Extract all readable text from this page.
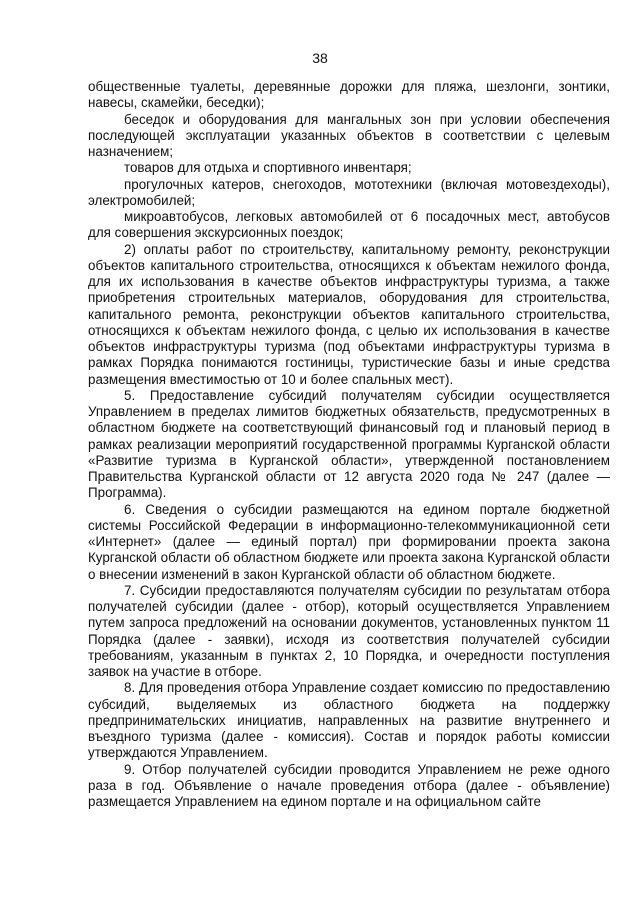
38

общественные туалеты, деревянные дорожки для пляжа, шезлонги, зонтики, навесы, скамейки, беседки);

беседок и оборудования для мангальных зон при условии обеспечения последующей эксплуатации указанных объектов в соответствии с целевым назначением;

товаров для отдыха и спортивного инвентаря;

прогулочных катеров, снегоходов, мототехники (включая мотовездеходы), электромобилей;

микроавтобусов, легковых автомобилей от 6 посадочных мест, автобусов для совершения экскурсионных поездок;

2) оплаты работ по строительству, капитальному ремонту, реконструкции объектов капитального строительства, относящихся к объектам нежилого фонда, для их использования в качестве объектов инфраструктуры туризма, а также приобретения строительных материалов, оборудования для строительства, капитального ремонта, реконструкции объектов капитального строительства, относящихся к объектам нежилого фонда, с целью их использования в качестве объектов инфраструктуры туризма (под объектами инфраструктуры туризма в рамках Порядка понимаются гостиницы, туристические базы и иные средства размещения вместимостью от 10 и более спальных мест).

5. Предоставление субсидий получателям субсидии осуществляется Управлением в пределах лимитов бюджетных обязательств, предусмотренных в областном бюджете на соответствующий финансовый год и плановый период в рамках реализации мероприятий государственной программы Курганской области «Развитие туризма в Курганской области», утвержденной постановлением Правительства Курганской области от 12 августа 2020 года № 247 (далее — Программа).

6. Сведения о субсидии размещаются на едином портале бюджетной системы Российской Федерации в информационно-телекоммуникационной сети «Интернет» (далее — единый портал) при формировании проекта закона Курганской области об областном бюджете или проекта закона Курганской области о внесении изменений в закон Курганской области об областном бюджете.

7. Субсидии предоставляются получателям субсидии по результатам отбора получателей субсидии (далее - отбор), который осуществляется Управлением путем запроса предложений на основании документов, установленных пунктом 11 Порядка (далее - заявки), исходя из соответствия получателей субсидии требованиям, указанным в пунктах 2, 10 Порядка, и очередности поступления заявок на участие в отборе.

8. Для проведения отбора Управление создает комиссию по предоставлению субсидий, выделяемых из областного бюджета на поддержку предпринимательских инициатив, направленных на развитие внутреннего и въездного туризма (далее - комиссия). Состав и порядок работы комиссии утверждаются Управлением.

9. Отбор получателей субсидии проводится Управлением не реже одного раза в год. Объявление о начале проведения отбора (далее - объявление) размещается Управлением на едином портале и на официальном сайте
